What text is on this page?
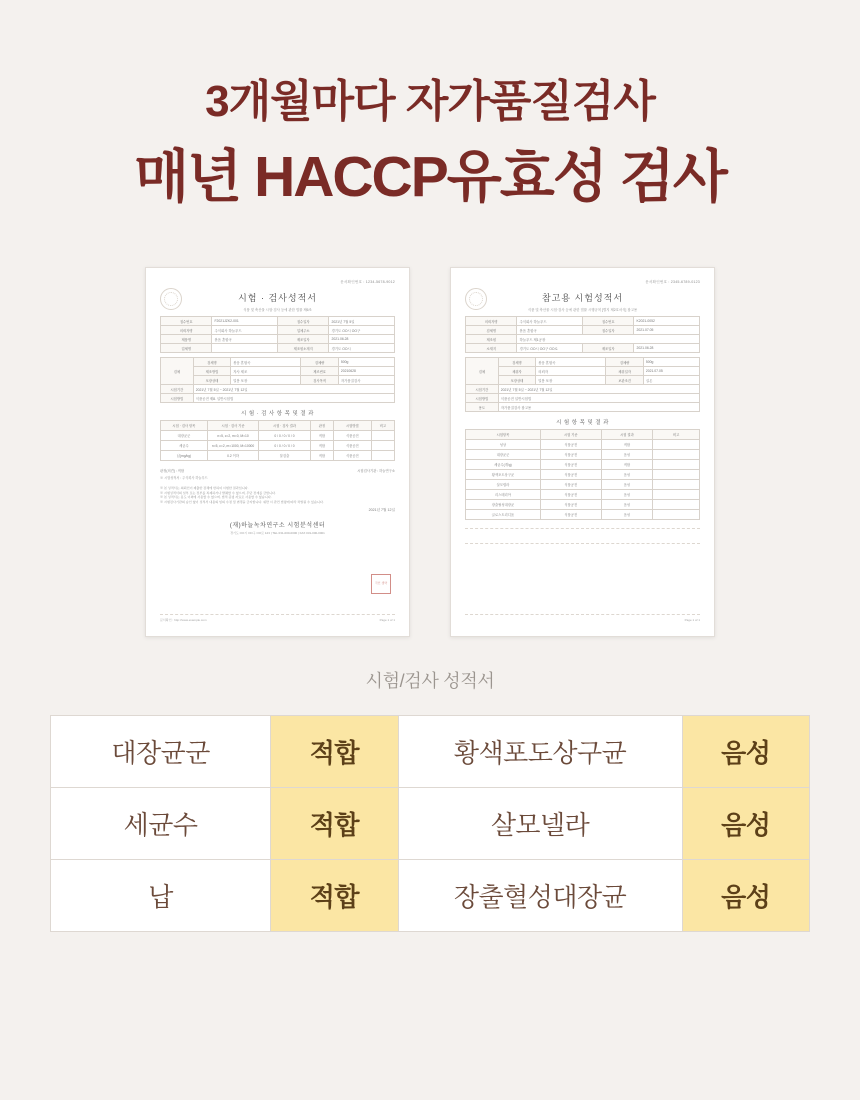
3개월마다 자가품질검사
매년 HACCP유효성 검사
문서확인번호 : 1234-5678-9012
시험 · 검사성적서
식품 및 축산물 시험·검사 등에 관한 법률 제6조
접수번호	F2021JZK2-001	접수일자	2021년 7월 5일
의뢰자명	주식회사 하늘푸드	업체주소	경기도 OO시 OO구
제품명	볶음 혼합곡	제조일자	2021.06.28
업체명		제조원소재지	경기도 OO시
검체	검체명	볶음 혼합곡	검체량	500g
	제조방법	자사 제조	제조번호	20210628
	포장상태	밀봉 포장	검사목적	자가품질검사
시험기간	2021년 7월 5일 ~ 2021년 7월 12일			
시험방법	식품공전 제8. 일반시험법			
시 험 · 검 사 항 목 및 결 과
시험 · 검사 항목	시험 · 검사 기준	시험 · 검사 결과	판정	시험방법	비고
대장균군	n=5, c=2, m=0, M=10	0 / 0 / 0 / 0 / 0	적합	식품공전	
세균수	n=5, c=2, m=1000, M=10000	0 / 0 / 0 / 0 / 0	적합	식품공전	
납(mg/kg)	0.2 이하	불검출	적합	식품공전	
판정(의견) : 적합	시험검사기관 : 하늘연구소
※ 시험성적서 : 주식회사 하늘푸드
※ 본 성적서는 의뢰인이 제출한 검체에 한하여 시험한 결과입니다.
※ 시험성적서의 일부 또는 전부를 복제하거나 발췌할 수 없으며, 무단 전재를 금합니다.
※ 본 성적서는 용도 이외에 사용할 수 없으며, 법적 증빙 자료로 사용할 수 없습니다.
※ 시험검사기관의 승인 없이 성적서 내용의 임의 수정 및 변경을 금지합니다. 위반 시 관련 법령에 따라 처벌될 수 있습니다.
2021년 7월 12일
(재)하늘녹차연구소 시험분석센터
경기도 OO시 OO구 OO로 123 | TEL 031-000-0000 | FAX 031-000-0001
직인 생략
문서확인 : http://www.example.com	Page 1 of 1
문서확인번호 : 2345-6789-0123
참고용 시험성적서
식품 및 축산물 시험·검사 등에 관한 법률 시행규칙 [별지 제2호서식] 참고용
의뢰자명	주식회사 하늘푸드	접수번호	K2021-0052
검체명	볶음 혼합곡	접수일자	2021.07.05
제조원	하늘푸드 제1공장		
소재지	경기도 OO시 OO구 OO로	제조일자	2021.06.28
검체	검체명	볶음 혼합곡	검체량	500g
	채취자	의뢰자	채취일자	2021.07.05
	포장상태	밀봉 포장	보관조건	실온
시험기간	2021년 7월 5일 ~ 2021년 7월 12일			
시험방법	식품공전 일반시험법			
용도	자가품질검사 참고용			
시 험 항 목 및 결 과
시험항목	시험 기준	시험 결과	비고
성상	식품공전	적합	
대장균군	식품공전	음성	
세균수(개/g)	식품공전	적합	
황색포도상구균	식품공전	음성	
살모넬라	식품공전	음성	
리스테리아	식품공전	음성	
장출혈성대장균	식품공전	음성	
클로스트리디움	식품공전	음성	
Page 1 of 1
시험/검사 성적서
대장균군	적합	황색포도상구균	음성
세균수	적합	살모넬라	음성
납	적합	장출혈성대장균	음성
